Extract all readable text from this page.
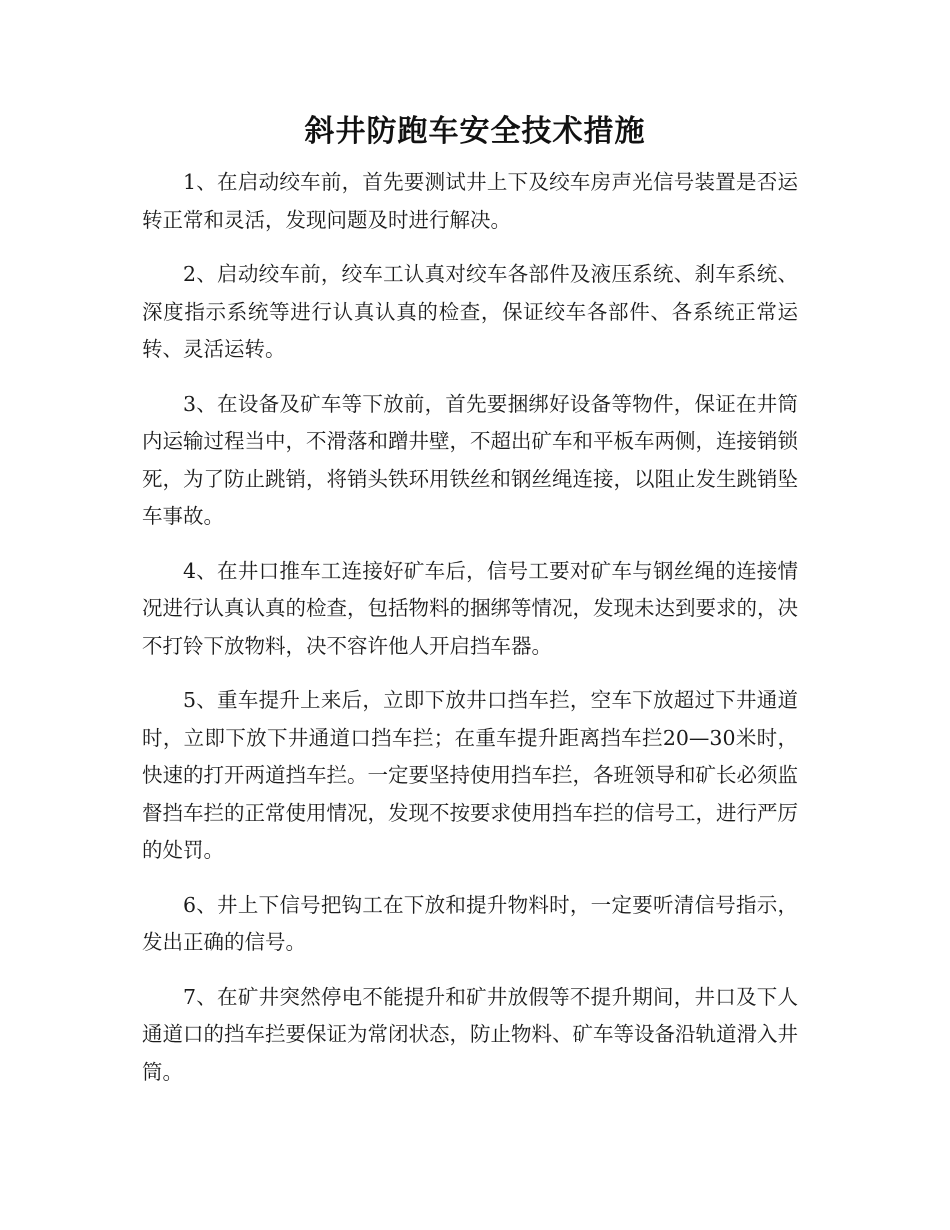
斜井防跑车安全技术措施

1、在启动绞车前，首先要测试井上下及绞车房声光信号装置是否运转正常和灵活，发现问题及时进行解决。

2、启动绞车前，绞车工认真对绞车各部件及液压系统、刹车系统、深度指示系统等进行认真认真的检查，保证绞车各部件、各系统正常运转、灵活运转。

3、在设备及矿车等下放前，首先要捆绑好设备等物件，保证在井筒内运输过程当中，不滑落和蹭井壁，不超出矿车和平板车两侧，连接销锁死，为了防止跳销，将销头铁环用铁丝和钢丝绳连接，以阻止发生跳销坠车事故。

4、在井口推车工连接好矿车后，信号工要对矿车与钢丝绳的连接情况进行认真认真的检查，包括物料的捆绑等情况，发现未达到要求的，决不打铃下放物料，决不容许他人开启挡车器。

5、重车提升上来后，立即下放井口挡车拦，空车下放超过下井通道时，立即下放下井通道口挡车拦；在重车提升距离挡车拦20—30米时，快速的打开两道挡车拦。一定要坚持使用挡车拦，各班领导和矿长必须监督挡车拦的正常使用情况，发现不按要求使用挡车拦的信号工，进行严厉的处罚。

6、井上下信号把钩工在下放和提升物料时，一定要听清信号指示，发出正确的信号。

7、在矿井突然停电不能提升和矿井放假等不提升期间，井口及下人通道口的挡车拦要保证为常闭状态，防止物料、矿车等设备沿轨道滑入井筒。
